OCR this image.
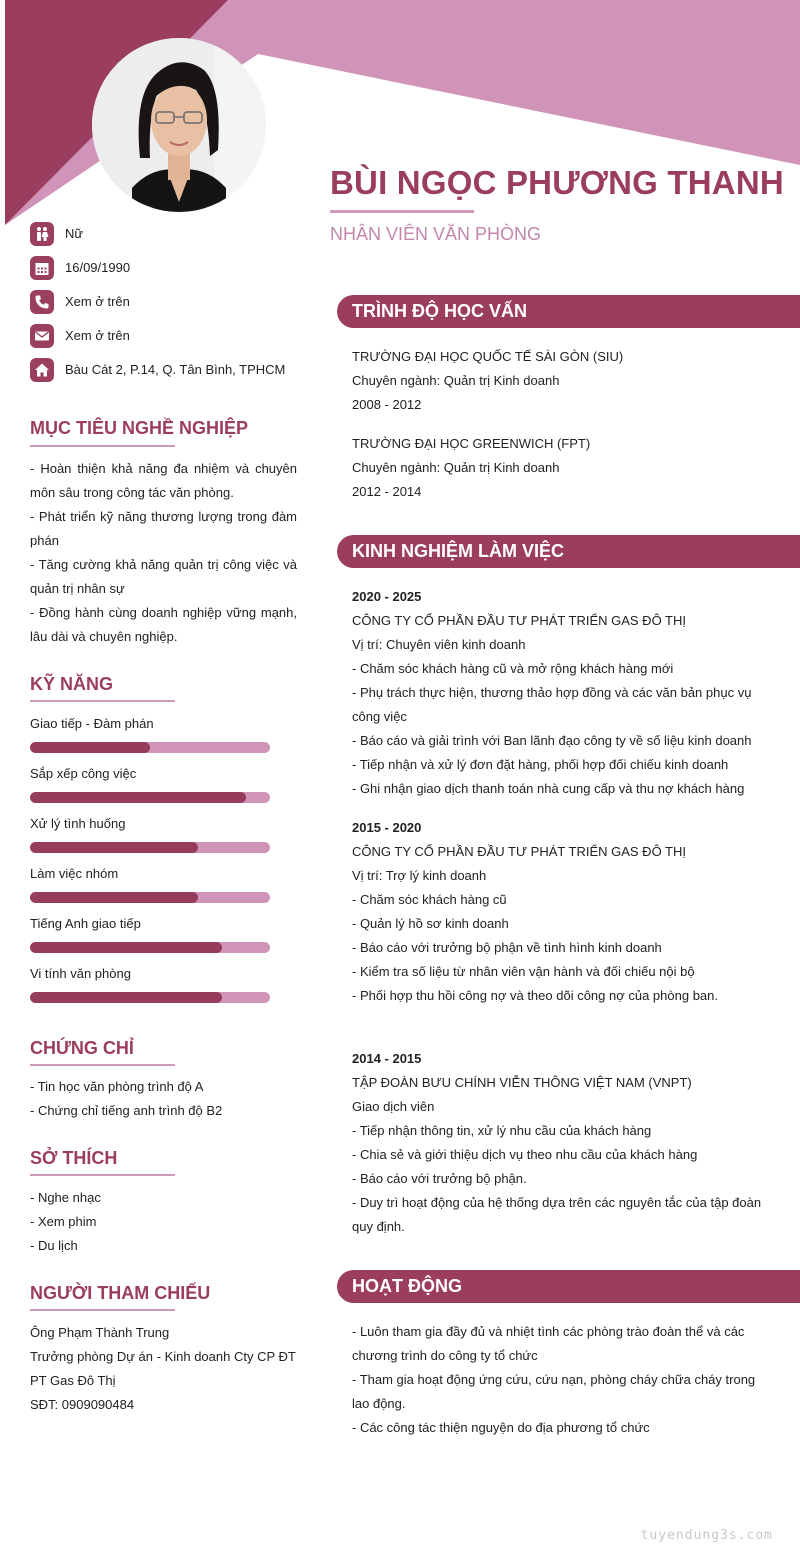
BÙI NGỌC PHƯƠNG THANH
NHÂN VIÊN VĂN PHÒNG
Nữ
16/09/1990
Xem ở trên
Xem ở trên
Bàu Cát 2, P.14, Q. Tân Bình, TPHCM
MỤC TIÊU NGHỀ NGHIỆP
- Hoàn thiện khả năng đa nhiệm và chuyên môn sâu trong công tác văn phòng.
- Phát triển kỹ năng thương lượng trong đàm phán
- Tăng cường khả năng quản trị công việc và quản trị nhân sự
- Đồng hành cùng doanh nghiệp vững mạnh, lâu dài và chuyên nghiệp.
KỸ NĂNG
Giao tiếp - Đàm phán
Sắp xếp công việc
Xử lý tình huống
Làm việc nhóm
Tiếng Anh giao tiếp
Vi tính văn phòng
CHỨNG CHỈ
- Tin học văn phòng trình độ A
- Chứng chỉ tiếng anh trình độ B2
SỞ THÍCH
- Nghe nhạc
- Xem phim
- Du lịch
NGƯỜI THAM CHIẾU
Ông Phạm Thành Trung
Trưởng phòng Dự án - Kinh doanh Cty CP ĐT PT Gas Đô Thị
SĐT: 0909090484
TRÌNH ĐỘ HỌC VẤN
TRƯỜNG ĐẠI HỌC QUỐC TẾ SÀI GÒN (SIU)
Chuyên ngành: Quản trị Kinh doanh
2008 - 2012
TRƯỜNG ĐẠI HỌC GREENWICH (FPT)
Chuyên ngành: Quản trị Kinh doanh
2012 - 2014
KINH NGHIỆM LÀM VIỆC
2020 - 2025
CÔNG TY CỔ PHẦN ĐẦU TƯ PHÁT TRIỂN GAS ĐÔ THỊ
Vị trí: Chuyên viên kinh doanh
- Chăm sóc khách hàng cũ và mở rộng khách hàng mới
- Phụ trách thực hiện, thương thảo hợp đồng và các văn bản phục vụ công việc
- Báo cáo và giải trình với Ban lãnh đạo công ty về số liệu kinh doanh
- Tiếp nhận và xử lý đơn đặt hàng, phối hợp đối chiếu kinh doanh
- Ghi nhận giao dịch thanh toán nhà cung cấp và thu nợ khách hàng
2015 - 2020
CÔNG TY CỔ PHẦN ĐẦU TƯ PHÁT TRIỂN GAS ĐÔ THỊ
Vị trí: Trợ lý kinh doanh
- Chăm sóc khách hàng cũ
- Quản lý hồ sơ kinh doanh
- Báo cáo với trưởng bộ phận về tình hình kinh doanh
- Kiểm tra số liệu từ nhân viên vận hành và đối chiếu nội bộ
- Phối hợp thu hồi công nợ và theo dõi công nợ của phòng ban.
2014 - 2015
TẬP ĐOÀN BƯU CHÍNH VIỄN THÔNG VIỆT NAM (VNPT)
Giao dịch viên
- Tiếp nhận thông tin, xử lý nhu cầu của khách hàng
- Chia sẻ và giới thiệu dịch vụ theo nhu cầu của khách hàng
- Báo cáo với trưởng bộ phận.
- Duy trì hoạt động của hệ thống dựa trên các nguyên tắc của tập đoàn quy định.
HOẠT ĐỘNG
- Luôn tham gia đầy đủ và nhiệt tình các phòng trào đoàn thể và các chương trình do công ty tổ chức
- Tham gia hoạt động ứng cứu, cứu nạn, phòng cháy chữa cháy trong lao động.
- Các công tác thiện nguyện do địa phương tổ chức
tuyendung3s.com
